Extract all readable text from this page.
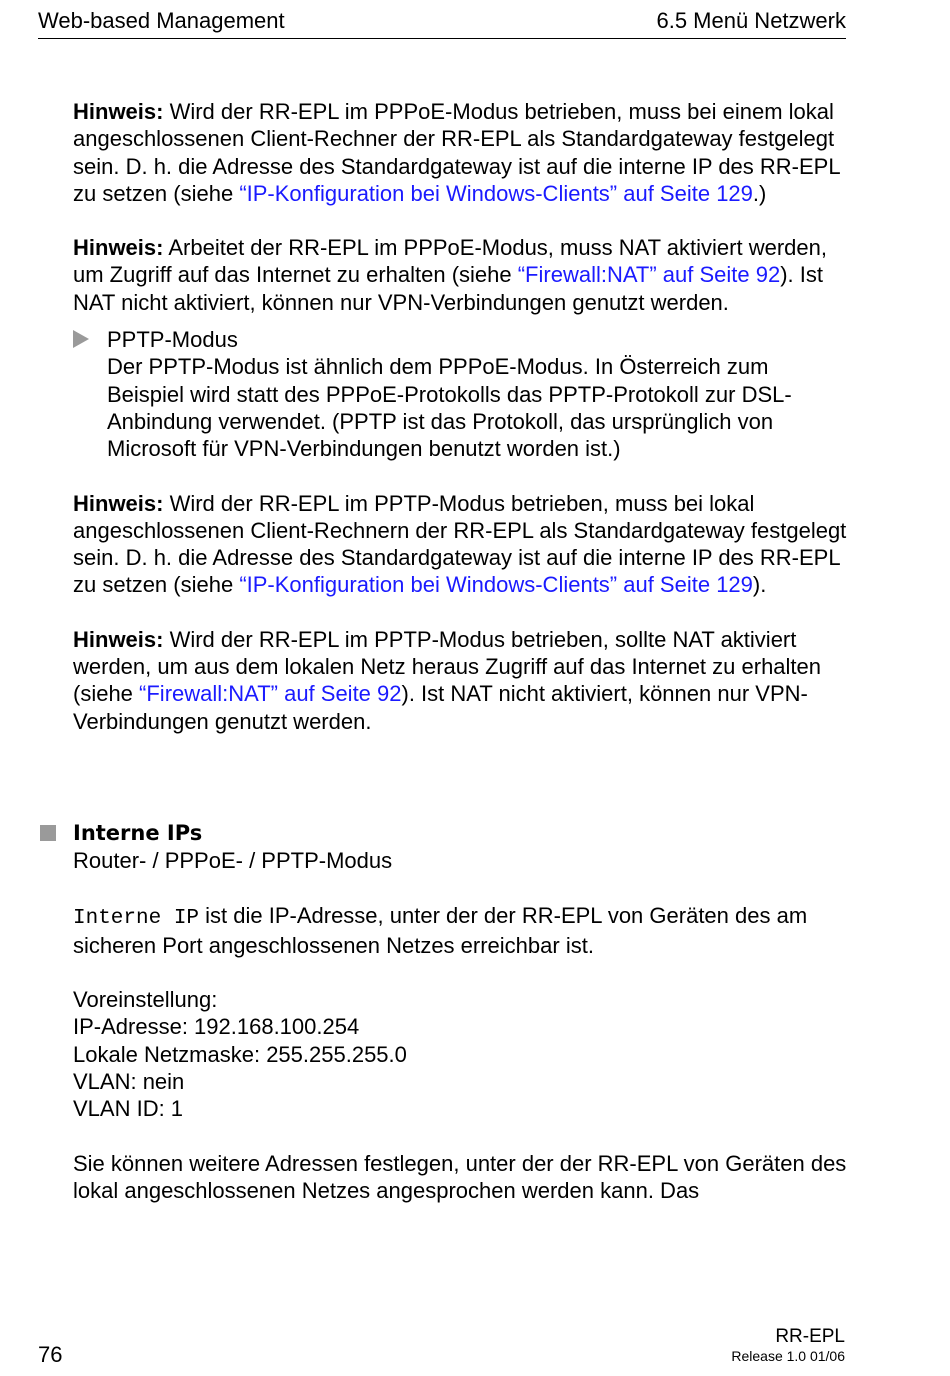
Web-based Management	6.5 Menü Netzwerk

Hinweis: Wird der RR-EPL im PPPoE-Modus betrieben, muss bei einem lokal angeschlossenen Client-Rechner der RR-EPL als Standardgateway festgelegt sein. D. h. die Adresse des Standardgateway ist auf die interne IP des RR-EPL zu setzen (siehe “IP-Konfiguration bei Windows-Clients” auf Seite 129.)

Hinweis: Arbeitet der RR-EPL im PPPoE-Modus, muss NAT aktiviert werden, um Zugriff auf das Internet zu erhalten (siehe “Firewall:NAT” auf Seite 92). Ist NAT nicht aktiviert, können nur VPN-Verbindungen genutzt werden.

PPTP-Modus

Der PPTP-Modus ist ähnlich dem PPPoE-Modus. In Österreich zum Beispiel wird statt des PPPoE-Protokolls das PPTP-Protokoll zur DSL-Anbindung verwendet. (PPTP ist das Protokoll, das ursprünglich von Microsoft für VPN-Verbindungen benutzt worden ist.)

Hinweis: Wird der RR-EPL im PPTP-Modus betrieben, muss bei lokal angeschlossenen Client-Rechnern der RR-EPL als Standardgateway festgelegt sein. D. h. die Adresse des Standardgateway ist auf die interne IP des RR-EPL zu setzen (siehe “IP-Konfiguration bei Windows-Clients” auf Seite 129).

Hinweis: Wird der RR-EPL im PPTP-Modus betrieben, sollte NAT aktiviert werden, um aus dem lokalen Netz heraus Zugriff auf das Internet zu erhalten (siehe “Firewall:NAT” auf Seite 92). Ist NAT nicht aktiviert, können nur VPN-Verbindungen genutzt werden.

Interne IPs

Router- / PPPoE- / PPTP-Modus

Interne IP ist die IP-Adresse, unter der der RR-EPL von Geräten des am sicheren Port angeschlossenen Netzes erreichbar ist.

Voreinstellung:

IP-Adresse: 192.168.100.254

Lokale Netzmaske: 255.255.255.0

VLAN: nein

VLAN ID: 1

Sie können weitere Adressen festlegen, unter der der RR-EPL von Geräten des lokal angeschlossenen Netzes angesprochen werden kann. Das

76
RR-EPL
Release 1.0 01/06
